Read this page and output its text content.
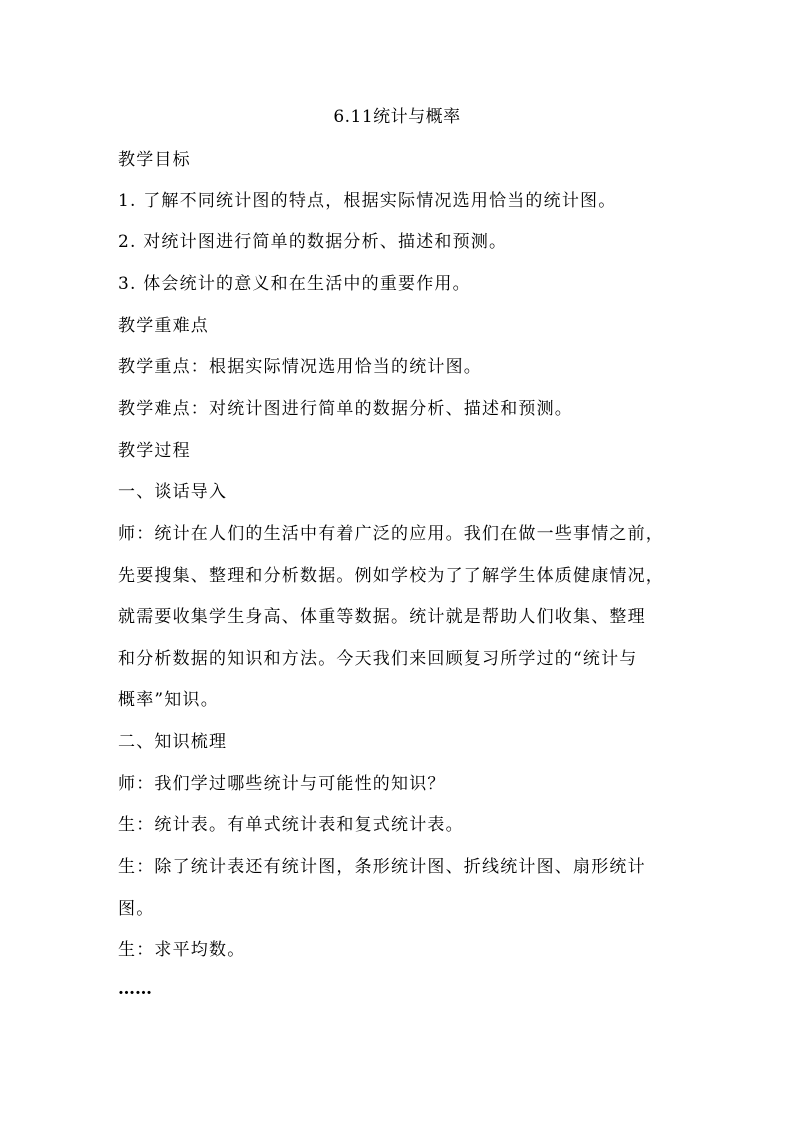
6.11统计与概率
教学目标
1. 了解不同统计图的特点，根据实际情况选用恰当的统计图。
2. 对统计图进行简单的数据分析、描述和预测。
3. 体会统计的意义和在生活中的重要作用。
教学重难点
教学重点：根据实际情况选用恰当的统计图。
教学难点：对统计图进行简单的数据分析、描述和预测。
教学过程
一、谈话导入
师：统计在人们的生活中有着广泛的应用。我们在做一些事情之前，
先要搜集、整理和分析数据。例如学校为了了解学生体质健康情况，
就需要收集学生身高、体重等数据。统计就是帮助人们收集、整理
和分析数据的知识和方法。今天我们来回顾复习所学过的“统计与
概率”知识。
二、知识梳理
师：我们学过哪些统计与可能性的知识？
生：统计表。有单式统计表和复式统计表。
生：除了统计表还有统计图，条形统计图、折线统计图、扇形统计
图。
生：求平均数。
……
